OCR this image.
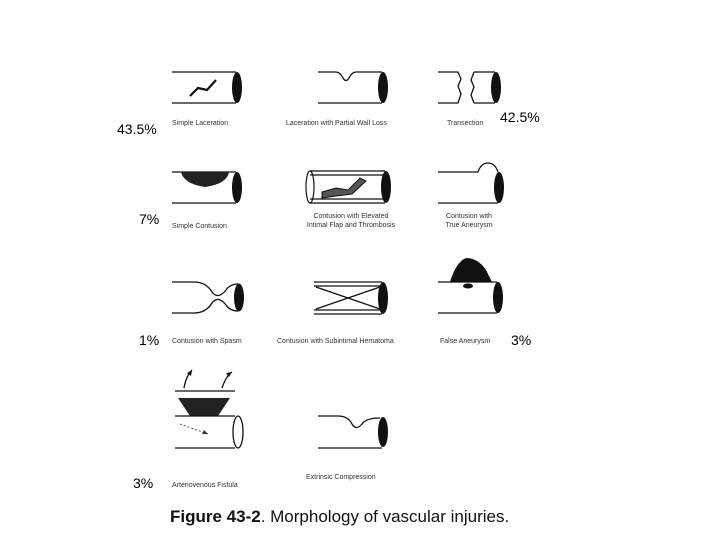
Simple Laceration	Laceration with Partial Wall Loss	Transection
Simple Contusion
Contusion with Elevated
Intimal Flap and Thrombosis
Contusion with
True Aneurysm
Contusion with Spasm	Contusion with Subintimal Hematoma	False Aneurysm
Arteriovenous Fistula
Extrinsic Compression
43.5%
42.5%
7%
1%	3%
3%
Figure 43-2. Morphology of vascular injuries.
